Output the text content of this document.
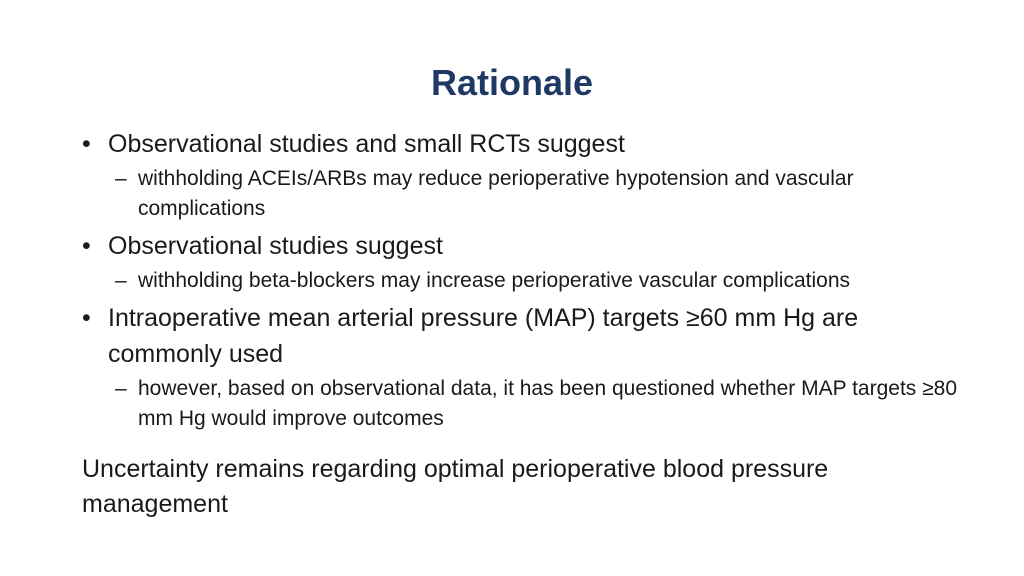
Rationale

• Observational studies and small RCTs suggest

– withholding ACEIs/ARBs may reduce perioperative hypotension and vascular complications

• Observational studies suggest

– withholding beta-blockers may increase perioperative vascular complications

• Intraoperative mean arterial pressure (MAP) targets ≥60 mm Hg are commonly used

– however, based on observational data, it has been questioned whether MAP targets ≥80 mm Hg would improve outcomes

Uncertainty remains regarding optimal perioperative blood pressure management
